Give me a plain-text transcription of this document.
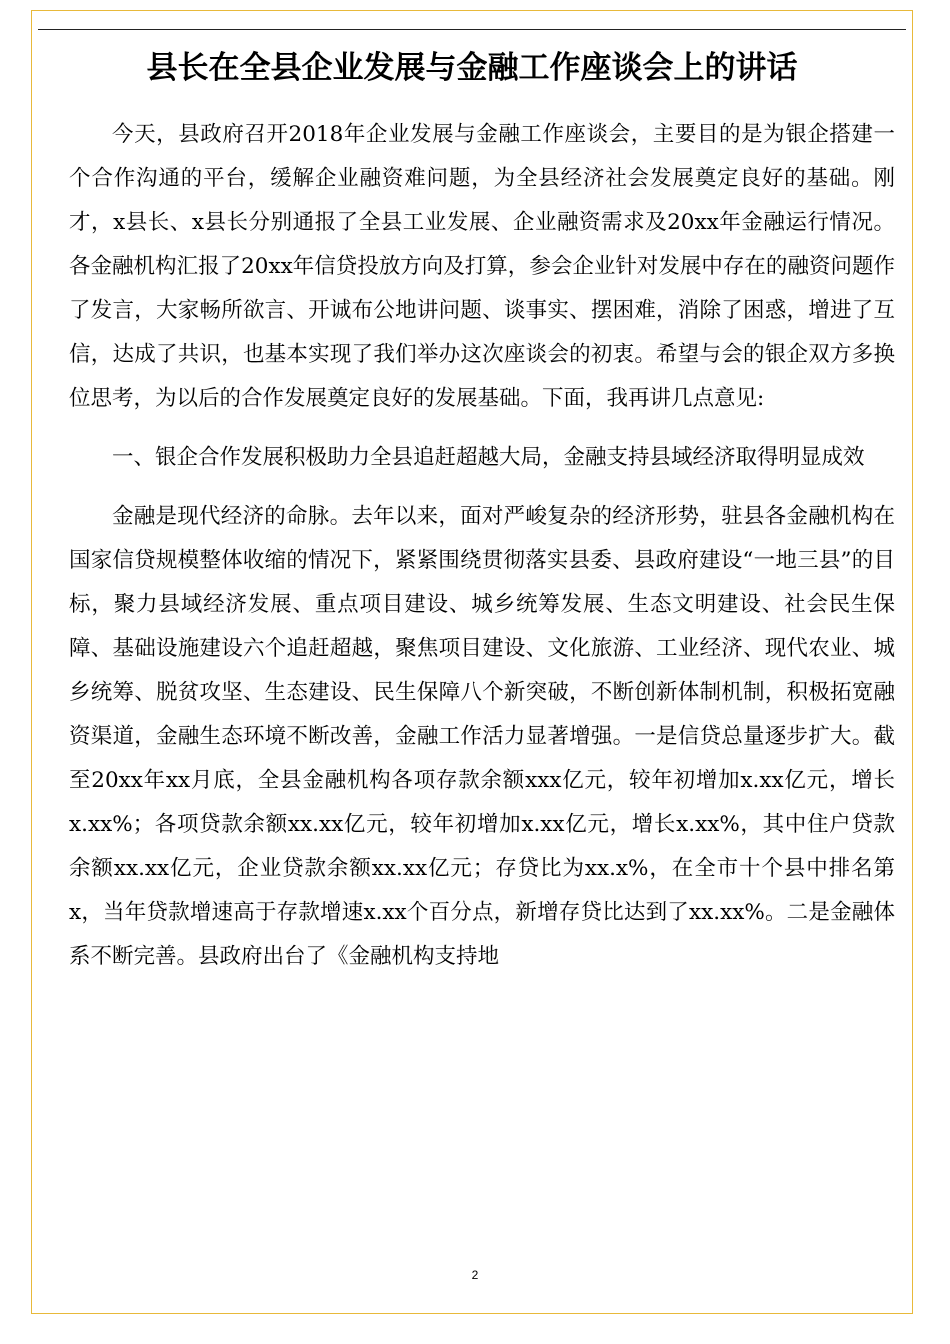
县长在全县企业发展与金融工作座谈会上的讲话

今天，县政府召开2018年企业发展与金融工作座谈会，主要目的是为银企搭建一个合作沟通的平台，缓解企业融资难问题，为全县经济社会发展奠定良好的基础。刚才，x县长、x县长分别通报了全县工业发展、企业融资需求及20xx年金融运行情况。各金融机构汇报了20xx年信贷投放方向及打算，参会企业针对发展中存在的融资问题作了发言，大家畅所欲言、开诚布公地讲问题、谈事实、摆困难，消除了困惑，增进了互信，达成了共识，也基本实现了我们举办这次座谈会的初衷。希望与会的银企双方多换位思考，为以后的合作发展奠定良好的发展基础。下面，我再讲几点意见:

一、银企合作发展积极助力全县追赶超越大局，金融支持县域经济取得明显成效

金融是现代经济的命脉。去年以来，面对严峻复杂的经济形势，驻县各金融机构在国家信贷规模整体收缩的情况下，紧紧围绕贯彻落实县委、县政府建设“一地三县”的目标，聚力县域经济发展、重点项目建设、城乡统筹发展、生态文明建设、社会民生保障、基础设施建设六个追赶超越，聚焦项目建设、文化旅游、工业经济、现代农业、城乡统筹、脱贫攻坚、生态建设、民生保障八个新突破，不断创新体制机制，积极拓宽融资渠道，金融生态环境不断改善，金融工作活力显著增强。一是信贷总量逐步扩大。截至20xx年xx月底，全县金融机构各项存款余额xxx亿元，较年初增加x.xx亿元，增长x.xx%；各项贷款余额xx.xx亿元，较年初增加x.xx亿元，增长x.xx%，其中住户贷款余额xx.xx亿元，企业贷款余额xx.xx亿元；存贷比为xx.x%，在全市十个县中排名第x，当年贷款增速高于存款增速x.xx个百分点，新增存贷比达到了xx.xx%。二是金融体系不断完善。县政府出台了《金融机构支持地

2
